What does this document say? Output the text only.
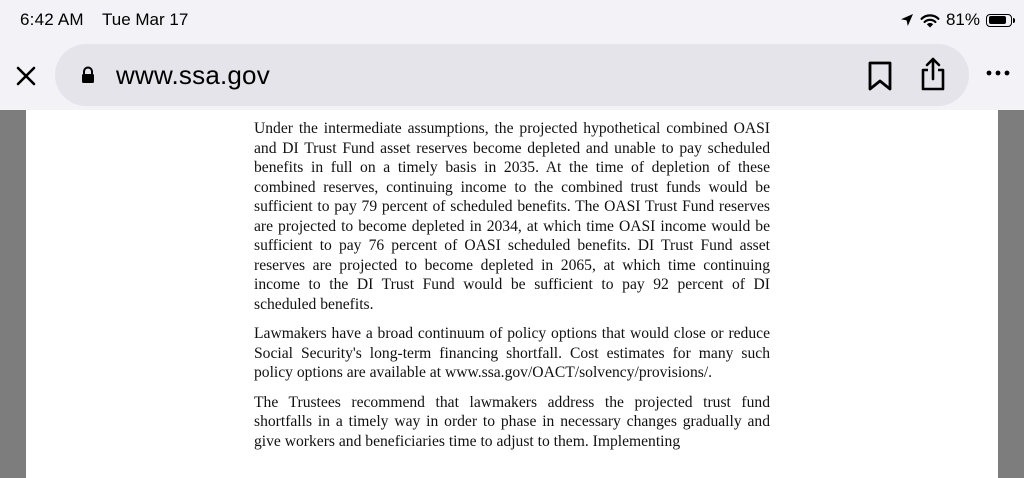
6:42 AM Tue Mar 17	81%
www.ssa.gov

Under the intermediate assumptions, the projected hypothetical combined OASI and DI Trust Fund asset reserves become depleted and unable to pay scheduled benefits in full on a timely basis in 2035. At the time of depletion of these combined reserves, continuing income to the combined trust funds would be sufficient to pay 79 percent of scheduled benefits. The OASI Trust Fund reserves are projected to become depleted in 2034, at which time OASI income would be sufficient to pay 76 percent of OASI scheduled benefits. DI Trust Fund asset reserves are projected to become depleted in 2065, at which time continuing income to the DI Trust Fund would be sufficient to pay 92 percent of DI scheduled benefits.

Lawmakers have a broad continuum of policy options that would close or reduce Social Security's long-term financing shortfall. Cost estimates for many such policy options are available at www.ssa.gov/OACT/solvency/provisions/.

The Trustees recommend that lawmakers address the projected trust fund shortfalls in a timely way in order to phase in necessary changes gradually and give workers and beneficiaries time to adjust to them. Implementing
